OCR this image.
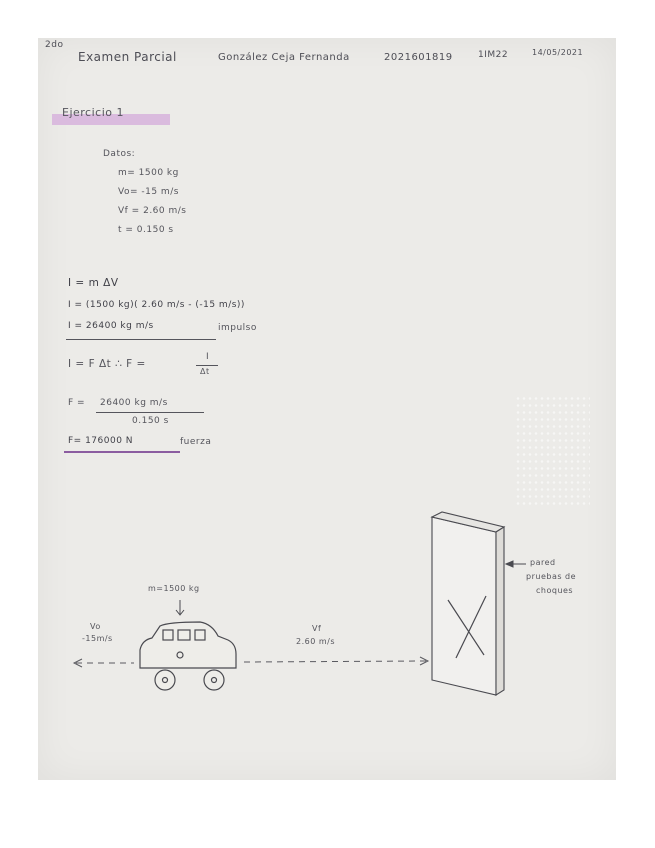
2do
Examen Parcial	González Ceja Fernanda	2021601819	1IM22	14/05/2021
Ejercicio 1
Datos:
m= 1500 kg
Vo= -15 m/s
Vf = 2.60 m/s
t = 0.150 s
I = m ΔV
I = (1500 kg)( 2.60 m/s - (-15 m/s))
I = 26400 kg m/s	impulso
I = F Δt ∴ F =
I
Δt
F = 26400 kg m/s
0.150 s
F= 176000 N	fuerza
m=1500 kg
Vo
-15m/s
Vf
2.60 m/s
pared
pruebas de
choques
